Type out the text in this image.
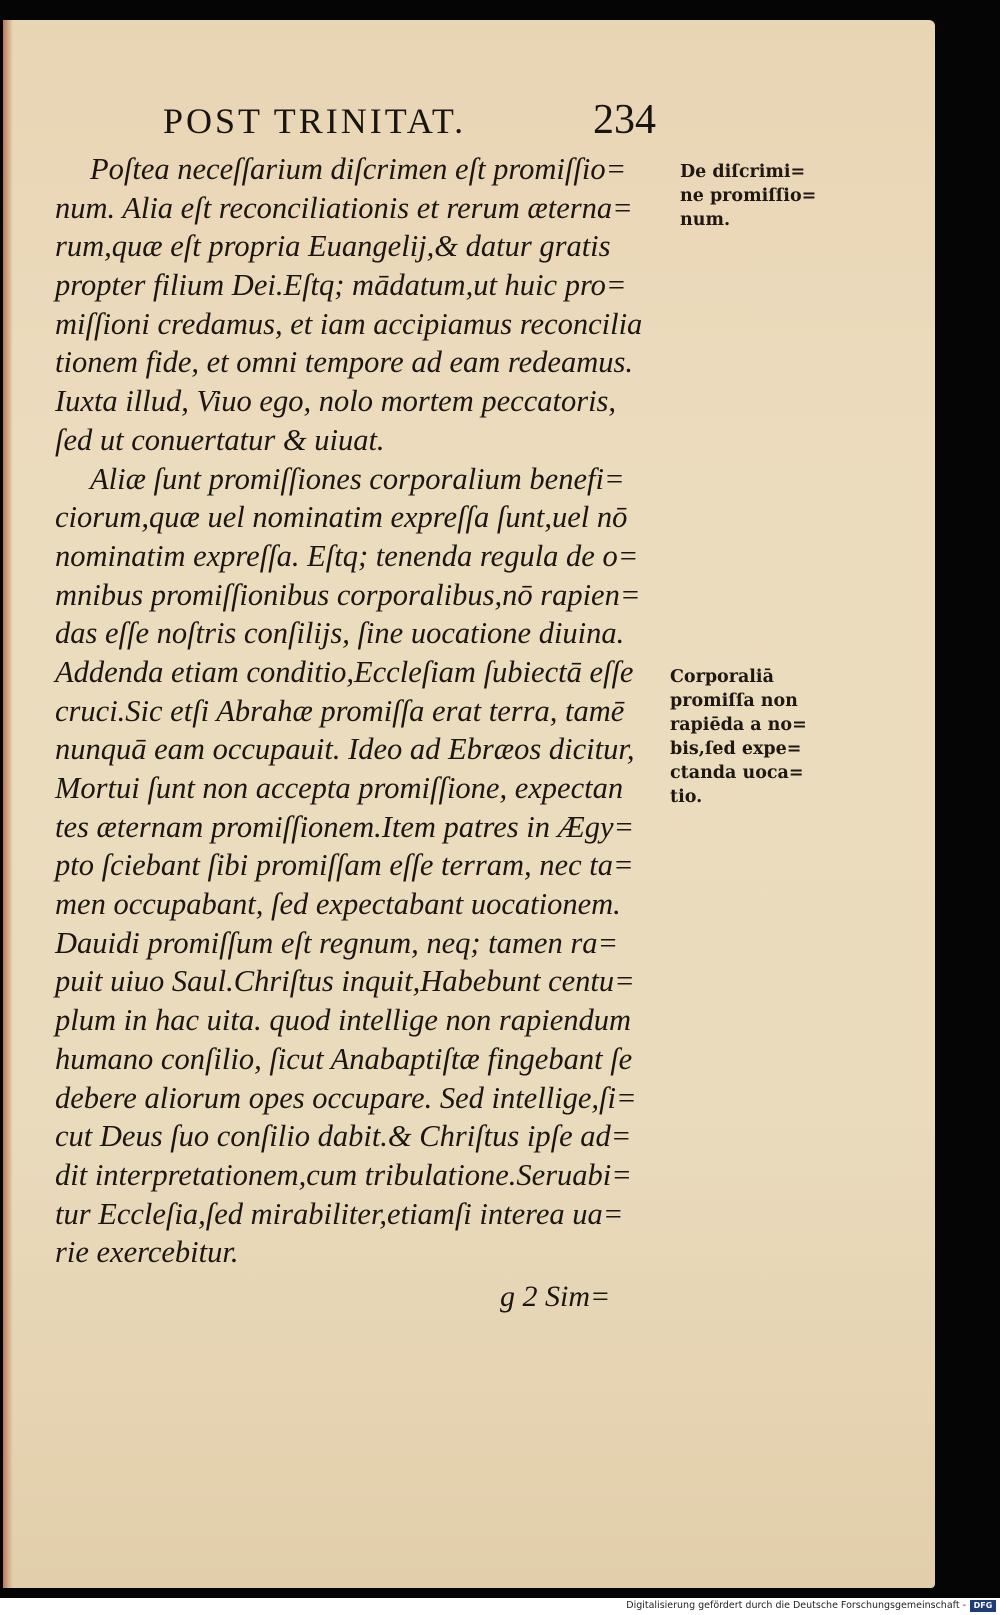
POST TRINITAT.	234
Poſtea neceſſarium diſcrimen eſt promiſſio=
num. Alia eſt reconciliationis et rerum æterna=
rum,quæ eſt propria Euangelij,& datur gratis
propter filium Dei.Eſtq; mādatum,ut huic pro=
miſſioni credamus, et iam accipiamus reconcilia
tionem fide, et omni tempore ad eam redeamus.
Iuxta illud, Viuo ego, nolo mortem peccatoris,
ſed ut conuertatur & uiuat.
Aliæ ſunt promiſſiones corporalium benefi=
ciorum,quæ uel nominatim expreſſa ſunt,uel nō
nominatim expreſſa. Eſtq; tenenda regula de o=
mnibus promiſſionibus corporalibus,nō rapien=
das eſſe noſtris conſilijs, ſine uocatione diuina.
Addenda etiam conditio,Eccleſiam ſubiectā eſſe
cruci.Sic etſi Abrahæ promiſſa erat terra, tamē
nunquā eam occupauit. Ideo ad Ebræos dicitur,
Mortui ſunt non accepta promiſſione, expectan
tes æternam promiſſionem.Item patres in Ægy=
pto ſciebant ſibi promiſſam eſſe terram, nec ta=
men occupabant, ſed expectabant uocationem.
Dauidi promiſſum eſt regnum, neq; tamen ra=
puit uiuo Saul.Chriſtus inquit,Habebunt centu=
plum in hac uita. quod intellige non rapiendum
humano conſilio, ſicut Anabaptiſtæ fingebant ſe
debere aliorum opes occupare. Sed intellige,ſi=
cut Deus ſuo conſilio dabit.& Chriſtus ipſe ad=
dit interpretationem,cum tribulatione.Seruabi=
tur Eccleſia,ſed mirabiliter,etiamſi interea ua=
rie exercebitur.
g 2 Sim=
De diſcrimi=
ne promiſſio=
num.
Corporaliā
promiſſa non
rapiēda a no=
bis,ſed expe=
ctanda uoca=
tio.
Digitalisierung gefördert durch die Deutsche Forschungsgemeinschaft - DFG
